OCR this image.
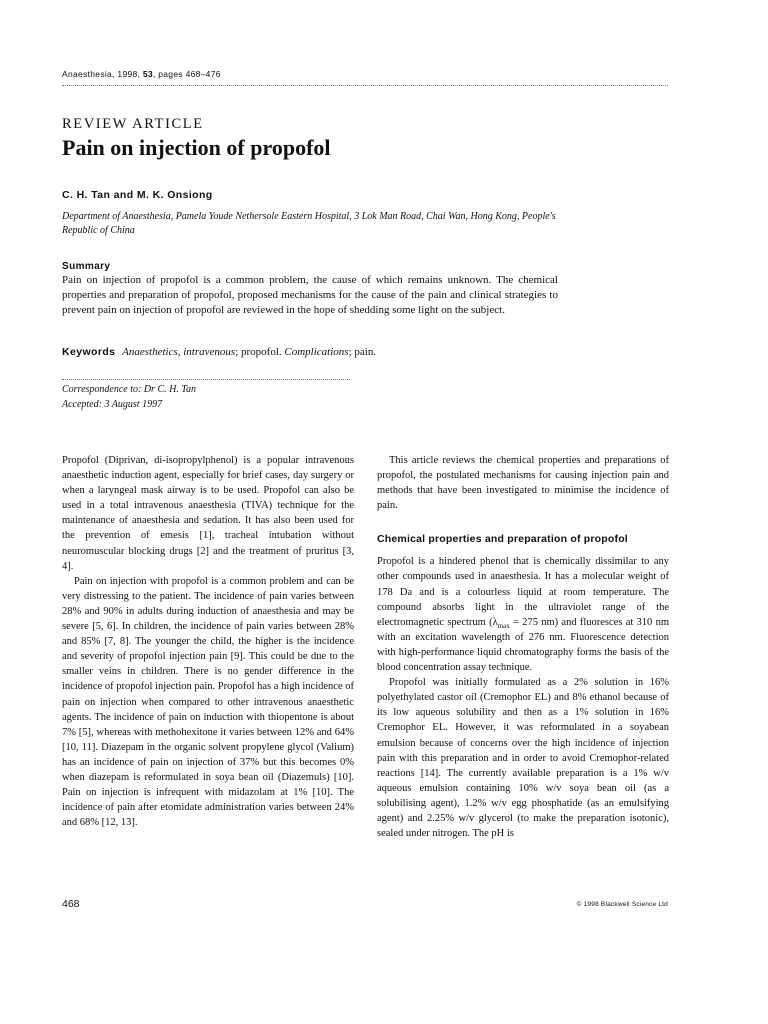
Anaesthesia, 1998, 53, pages 468–476
REVIEW ARTICLE
Pain on injection of propofol
C. H. Tan and M. K. Onsiong
Department of Anaesthesia, Pamela Youde Nethersole Eastern Hospital, 3 Lok Man Road, Chai Wan, Hong Kong, People's Republic of China
Summary
Pain on injection of propofol is a common problem, the cause of which remains unknown. The chemical properties and preparation of propofol, proposed mechanisms for the cause of the pain and clinical strategies to prevent pain on injection of propofol are reviewed in the hope of shedding some light on the subject.
Keywords Anaesthetics, intravenous; propofol. Complications; pain.
Correspondence to: Dr C. H. Tan
Accepted: 3 August 1997

Propofol (Diprivan, di-isopropylphenol) is a popular intravenous anaesthetic induction agent, especially for brief cases, day surgery or when a laryngeal mask airway is to be used. Propofol can also be used in a total intravenous anaesthesia (TIVA) technique for the maintenance of anaesthesia and sedation. It has also been used for the prevention of emesis [1], tracheal intubation without neuromuscular blocking drugs [2] and the treatment of pruritus [3, 4].

Pain on injection with propofol is a common problem and can be very distressing to the patient. The incidence of pain varies between 28% and 90% in adults during induction of anaesthesia and may be severe [5, 6]. In children, the incidence of pain varies between 28% and 85% [7, 8]. The younger the child, the higher is the incidence and severity of propofol injection pain [9]. This could be due to the smaller veins in children. There is no gender difference in the incidence of propofol injection pain. Propofol has a high incidence of pain on injection when compared to other intravenous anaesthetic agents. The incidence of pain on induction with thiopentone is about 7% [5], whereas with methohexitone it varies between 12% and 64% [10, 11]. Diazepam in the organic solvent propylene glycol (Valium) has an incidence of pain on injection of 37% but this becomes 0% when diazepam is reformulated in soya bean oil (Diazemuls) [10]. Pain on injection is infrequent with midazolam at 1% [10]. The incidence of pain after etomidate administration varies between 24% and 68% [12, 13].

This article reviews the chemical properties and preparations of propofol, the postulated mechanisms for causing injection pain and methods that have been investigated to minimise the incidence of pain.

Chemical properties and preparation of propofol

Propofol is a hindered phenol that is chemically dissimilar to any other compounds used in anaesthesia. It has a molecular weight of 178 Da and is a colourless liquid at room temperature. The compound absorbs light in the ultraviolet range of the electromagnetic spectrum ($\lambda_{max} = 275$ nm) and fluoresces at 310 nm with an excitation wavelength of 276 nm. Fluorescence detection with high-performance liquid chromatography forms the basis of the blood concentration assay technique.

Propofol was initially formulated as a 2% solution in 16% polyethylated castor oil (Cremophor EL) and 8% ethanol because of its low aqueous solubility and then as a 1% solution in 16% Cremophor EL. However, it was reformulated in a soyabean emulsion because of concerns over the high incidence of injection pain with this preparation and in order to avoid Cremophor-related reactions [14]. The currently available preparation is a 1% w/v aqueous emulsion containing 10% w/v soya bean oil (as a solubilising agent), 1.2% w/v egg phosphatide (as an emulsifying agent) and 2.25% w/v glycerol (to make the preparation isotonic), sealed under nitrogen. The pH is

468	© 1998 Blackwell Science Ltd
